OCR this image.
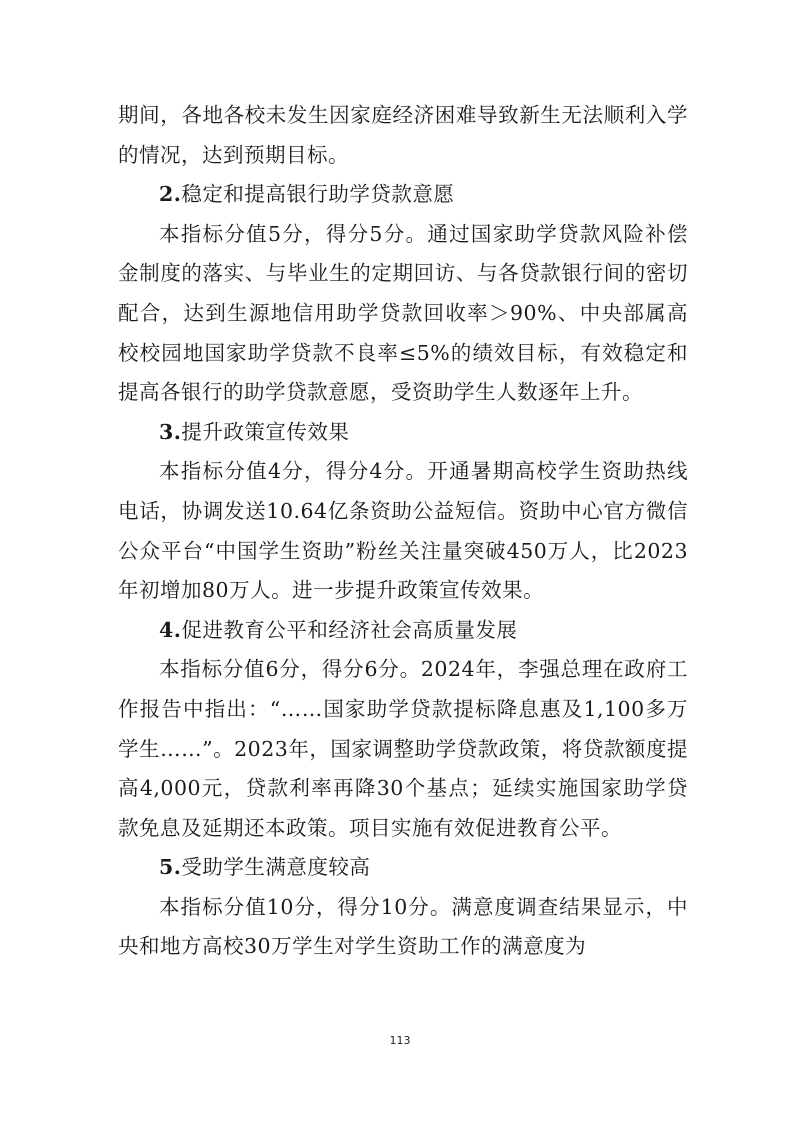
期间，各地各校未发生因家庭经济困难导致新生无法顺利入学的情况，达到预期目标。

2.稳定和提高银行助学贷款意愿

本指标分值5分，得分5分。通过国家助学贷款风险补偿金制度的落实、与毕业生的定期回访、与各贷款银行间的密切配合，达到生源地信用助学贷款回收率＞90%、中央部属高校校园地国家助学贷款不良率≤5%的绩效目标，有效稳定和提高各银行的助学贷款意愿，受资助学生人数逐年上升。

3.提升政策宣传效果

本指标分值4分，得分4分。开通暑期高校学生资助热线电话，协调发送10.64亿条资助公益短信。资助中心官方微信公众平台“中国学生资助”粉丝关注量突破450万人，比2023年初增加80万人。进一步提升政策宣传效果。

4.促进教育公平和经济社会高质量发展

本指标分值6分，得分6分。2024年，李强总理在政府工作报告中指出：“……国家助学贷款提标降息惠及1,100多万学生……”。2023年，国家调整助学贷款政策，将贷款额度提高4,000元，贷款利率再降30个基点；延续实施国家助学贷款免息及延期还本政策。项目实施有效促进教育公平。

5.受助学生满意度较高

本指标分值10分，得分10分。满意度调查结果显示，中央和地方高校30万学生对学生资助工作的满意度为

113
